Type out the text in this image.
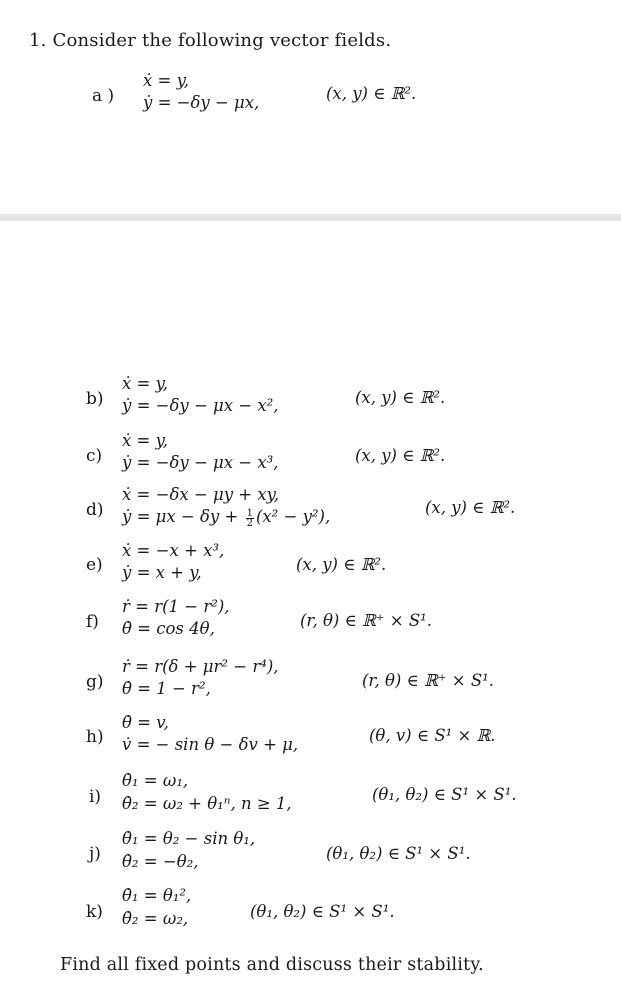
1. Consider the following vector fields.
a )
ẋ = y,
ẏ = −δy − μx,	(x, y) ∈ ℝ².
b)
ẋ = y,
ẏ = −δy − μx − x²,	(x, y) ∈ ℝ².
c)
ẋ = y,
ẏ = −δy − μx − x³,	(x, y) ∈ ℝ².
d)
ẋ = −δx − μy + xy,
ẏ = $\mu x - \delta y + \frac{1}{2} (x^2 - y^2)$,	(x, y) ∈ ℝ².
e)
ẋ = −x + x³,
ẏ = x + y,	(x, y) ∈ ℝ².
f)
ṙ = r(1 − r²),
θ̇ = cos 4θ,	(r, θ) ∈ ℝ⁺ × S¹.
g)
ṙ = r(δ + μr² − r⁴),
θ̇ = 1 − r²,	(r, θ) ∈ ℝ⁺ × S¹.
h)
θ̇ = v,
v̇ = − sin θ − δv + μ,	(θ, v) ∈ S¹ × ℝ.
i)
θ̇₁ = ω₁,
θ̇₂ = ω₂ + θ₁ⁿ, n ≥ 1,	(θ₁, θ₂) ∈ S¹ × S¹.
j)
θ̇₁ = θ₂ − sin θ₁,
θ̇₂ = −θ₂,	(θ₁, θ₂) ∈ S¹ × S¹.
k)
θ̇₁ = θ₁²,
θ̇₂ = ω₂,	(θ₁, θ₂) ∈ S¹ × S¹.
Find all fixed points and discuss their stability.
